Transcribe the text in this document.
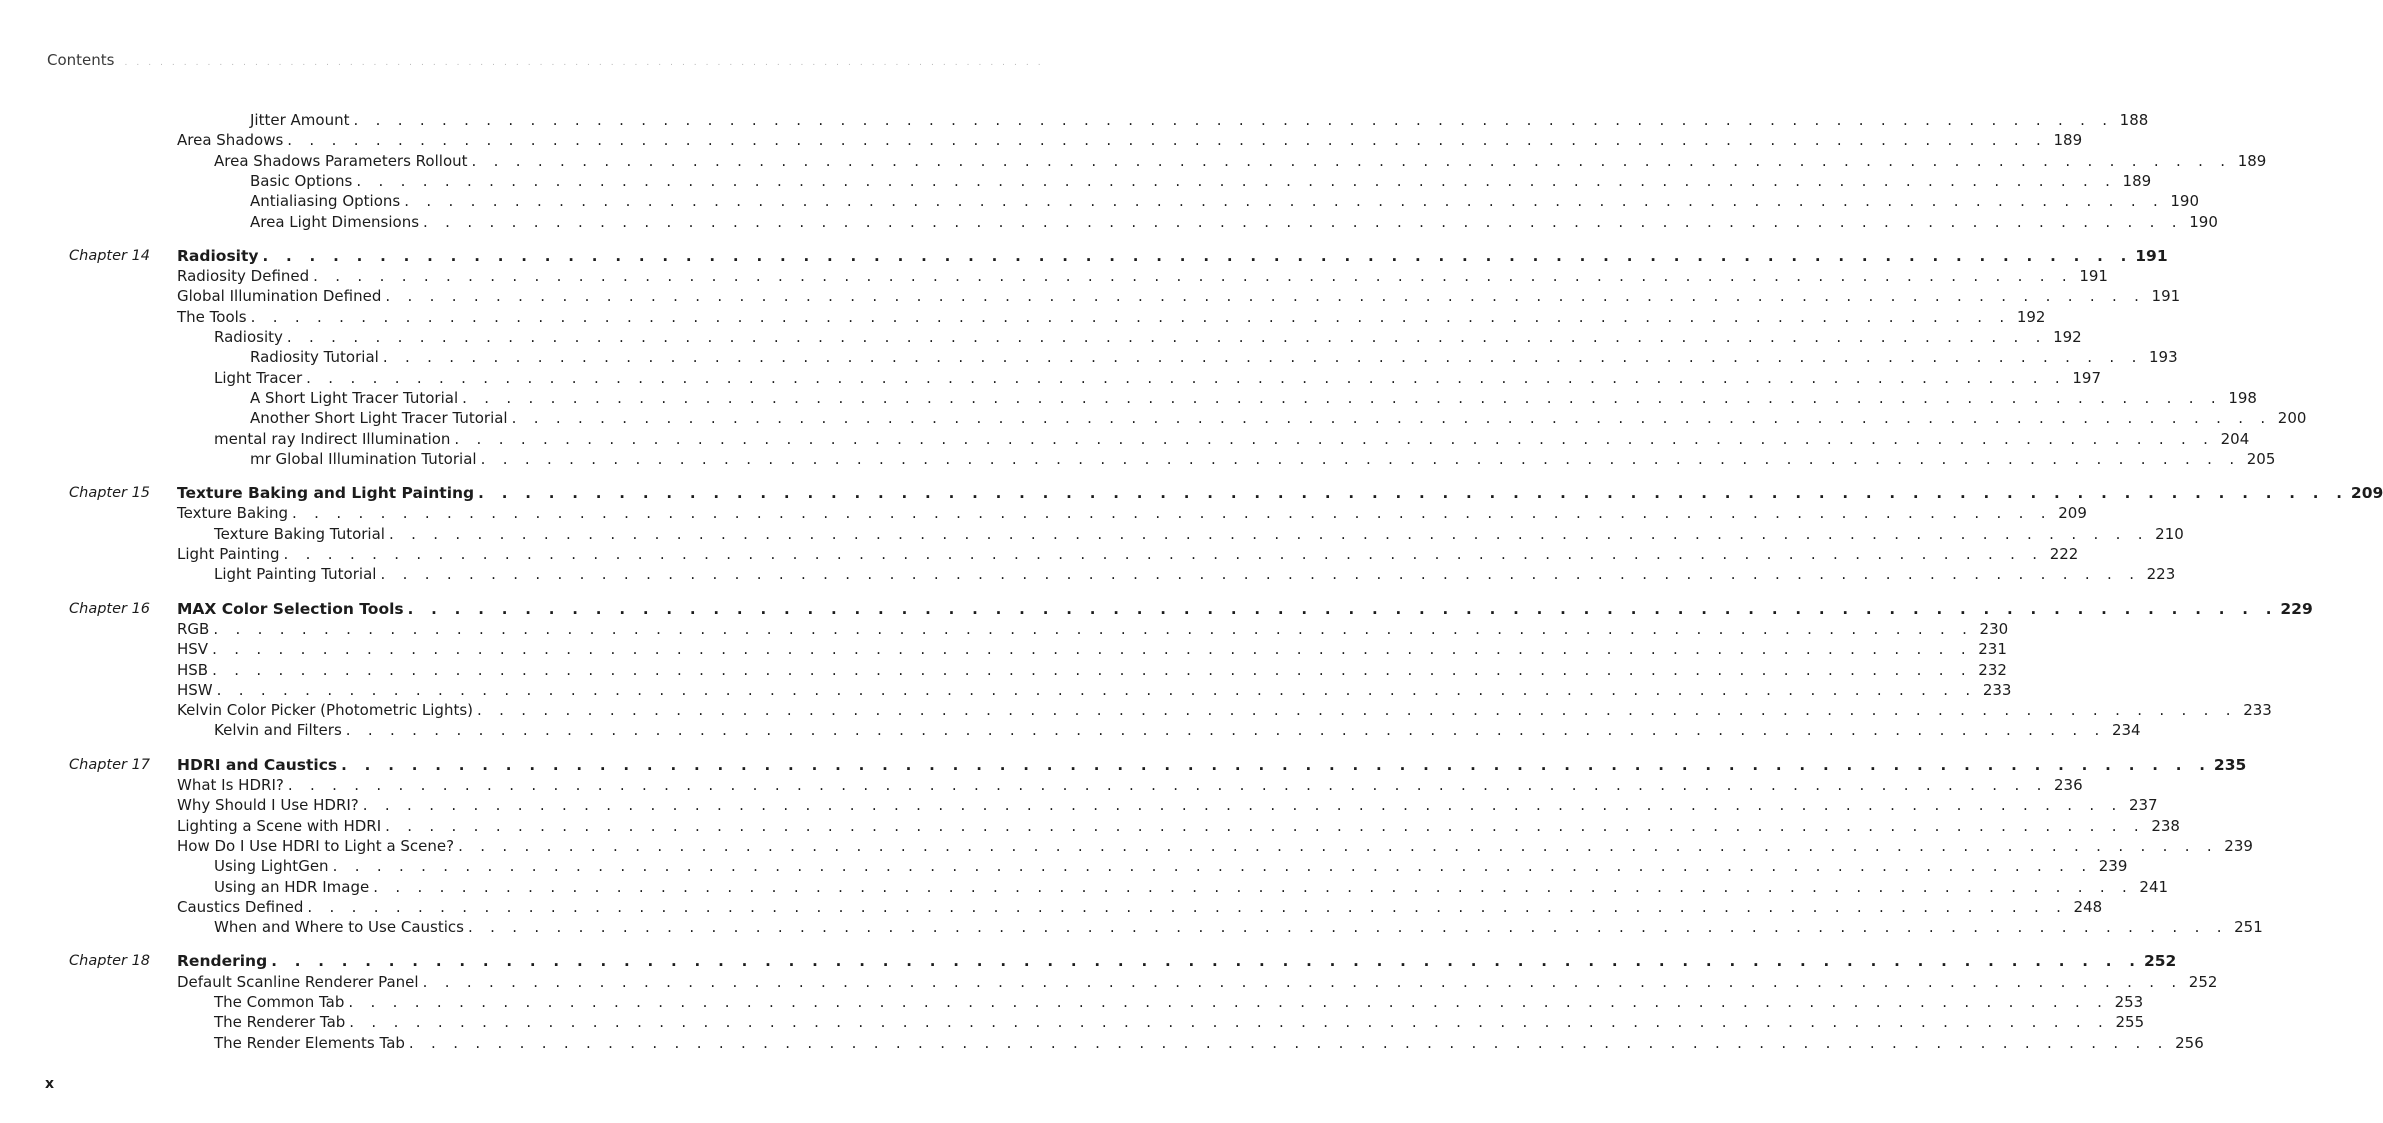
Contents	..............................................................................
Jitter Amount . . . . . . . . . . . . . . . . . . . . . . . . . . . . . . . . . . . . . . . . . . . . . . . . . . . . . . . . . . . . . . . . . . . . . . . . . . . . . . . . 188
Area Shadows . . . . . . . . . . . . . . . . . . . . . . . . . . . . . . . . . . . . . . . . . . . . . . . . . . . . . . . . . . . . . . . . . . . . . . . . . . . . . . . . 189
Area Shadows Parameters Rollout . . . . . . . . . . . . . . . . . . . . . . . . . . . . . . . . . . . . . . . . . . . . . . . . . . . . . . . . . . . . . . . . . . . . . . . . . . . . . . . . 189
Basic Options . . . . . . . . . . . . . . . . . . . . . . . . . . . . . . . . . . . . . . . . . . . . . . . . . . . . . . . . . . . . . . . . . . . . . . . . . . . . . . . . 189
Antialiasing Options . . . . . . . . . . . . . . . . . . . . . . . . . . . . . . . . . . . . . . . . . . . . . . . . . . . . . . . . . . . . . . . . . . . . . . . . . . . . . . . . 190
Area Light Dimensions . . . . . . . . . . . . . . . . . . . . . . . . . . . . . . . . . . . . . . . . . . . . . . . . . . . . . . . . . . . . . . . . . . . . . . . . . . . . . . . . 190
Chapter 14 Radiosity . . . . . . . . . . . . . . . . . . . . . . . . . . . . . . . . . . . . . . . . . . . . . . . . . . . . . . . . . . . . . . . . . . . . . . . . . . . . . . . . 191
Radiosity Defined . . . . . . . . . . . . . . . . . . . . . . . . . . . . . . . . . . . . . . . . . . . . . . . . . . . . . . . . . . . . . . . . . . . . . . . . . . . . . . . . 191
Global Illumination Defined . . . . . . . . . . . . . . . . . . . . . . . . . . . . . . . . . . . . . . . . . . . . . . . . . . . . . . . . . . . . . . . . . . . . . . . . . . . . . . . . 191
The Tools . . . . . . . . . . . . . . . . . . . . . . . . . . . . . . . . . . . . . . . . . . . . . . . . . . . . . . . . . . . . . . . . . . . . . . . . . . . . . . . . 192
Radiosity . . . . . . . . . . . . . . . . . . . . . . . . . . . . . . . . . . . . . . . . . . . . . . . . . . . . . . . . . . . . . . . . . . . . . . . . . . . . . . . . 192
Radiosity Tutorial . . . . . . . . . . . . . . . . . . . . . . . . . . . . . . . . . . . . . . . . . . . . . . . . . . . . . . . . . . . . . . . . . . . . . . . . . . . . . . . . 193
Light Tracer . . . . . . . . . . . . . . . . . . . . . . . . . . . . . . . . . . . . . . . . . . . . . . . . . . . . . . . . . . . . . . . . . . . . . . . . . . . . . . . . 197
A Short Light Tracer Tutorial . . . . . . . . . . . . . . . . . . . . . . . . . . . . . . . . . . . . . . . . . . . . . . . . . . . . . . . . . . . . . . . . . . . . . . . . . . . . . . . . 198
Another Short Light Tracer Tutorial . . . . . . . . . . . . . . . . . . . . . . . . . . . . . . . . . . . . . . . . . . . . . . . . . . . . . . . . . . . . . . . . . . . . . . . . . . . . . . . . 200
mental ray Indirect Illumination . . . . . . . . . . . . . . . . . . . . . . . . . . . . . . . . . . . . . . . . . . . . . . . . . . . . . . . . . . . . . . . . . . . . . . . . . . . . . . . . 204
mr Global Illumination Tutorial . . . . . . . . . . . . . . . . . . . . . . . . . . . . . . . . . . . . . . . . . . . . . . . . . . . . . . . . . . . . . . . . . . . . . . . . . . . . . . . . 205
Chapter 15 Texture Baking and Light Painting . . . . . . . . . . . . . . . . . . . . . . . . . . . . . . . . . . . . . . . . . . . . . . . . . . . . . . . . . . . . . . . . . . . . . . . . . . . . . . . . 209
Texture Baking . . . . . . . . . . . . . . . . . . . . . . . . . . . . . . . . . . . . . . . . . . . . . . . . . . . . . . . . . . . . . . . . . . . . . . . . . . . . . . . . 209
Texture Baking Tutorial . . . . . . . . . . . . . . . . . . . . . . . . . . . . . . . . . . . . . . . . . . . . . . . . . . . . . . . . . . . . . . . . . . . . . . . . . . . . . . . . 210
Light Painting . . . . . . . . . . . . . . . . . . . . . . . . . . . . . . . . . . . . . . . . . . . . . . . . . . . . . . . . . . . . . . . . . . . . . . . . . . . . . . . . 222
Light Painting Tutorial . . . . . . . . . . . . . . . . . . . . . . . . . . . . . . . . . . . . . . . . . . . . . . . . . . . . . . . . . . . . . . . . . . . . . . . . . . . . . . . . 223
Chapter 16 MAX Color Selection Tools . . . . . . . . . . . . . . . . . . . . . . . . . . . . . . . . . . . . . . . . . . . . . . . . . . . . . . . . . . . . . . . . . . . . . . . . . . . . . . . . 229
RGB . . . . . . . . . . . . . . . . . . . . . . . . . . . . . . . . . . . . . . . . . . . . . . . . . . . . . . . . . . . . . . . . . . . . . . . . . . . . . . . . 230
HSV . . . . . . . . . . . . . . . . . . . . . . . . . . . . . . . . . . . . . . . . . . . . . . . . . . . . . . . . . . . . . . . . . . . . . . . . . . . . . . . . 231
HSB . . . . . . . . . . . . . . . . . . . . . . . . . . . . . . . . . . . . . . . . . . . . . . . . . . . . . . . . . . . . . . . . . . . . . . . . . . . . . . . . 232
HSW . . . . . . . . . . . . . . . . . . . . . . . . . . . . . . . . . . . . . . . . . . . . . . . . . . . . . . . . . . . . . . . . . . . . . . . . . . . . . . . . 233
Kelvin Color Picker (Photometric Lights) . . . . . . . . . . . . . . . . . . . . . . . . . . . . . . . . . . . . . . . . . . . . . . . . . . . . . . . . . . . . . . . . . . . . . . . . . . . . . . . . 233
Kelvin and Filters . . . . . . . . . . . . . . . . . . . . . . . . . . . . . . . . . . . . . . . . . . . . . . . . . . . . . . . . . . . . . . . . . . . . . . . . . . . . . . . . 234
Chapter 17 HDRI and Caustics . . . . . . . . . . . . . . . . . . . . . . . . . . . . . . . . . . . . . . . . . . . . . . . . . . . . . . . . . . . . . . . . . . . . . . . . . . . . . . . . 235
What Is HDRI? . . . . . . . . . . . . . . . . . . . . . . . . . . . . . . . . . . . . . . . . . . . . . . . . . . . . . . . . . . . . . . . . . . . . . . . . . . . . . . . . 236
Why Should I Use HDRI? . . . . . . . . . . . . . . . . . . . . . . . . . . . . . . . . . . . . . . . . . . . . . . . . . . . . . . . . . . . . . . . . . . . . . . . . . . . . . . . . 237
Lighting a Scene with HDRI . . . . . . . . . . . . . . . . . . . . . . . . . . . . . . . . . . . . . . . . . . . . . . . . . . . . . . . . . . . . . . . . . . . . . . . . . . . . . . . . 238
How Do I Use HDRI to Light a Scene? . . . . . . . . . . . . . . . . . . . . . . . . . . . . . . . . . . . . . . . . . . . . . . . . . . . . . . . . . . . . . . . . . . . . . . . . . . . . . . . . 239
Using LightGen . . . . . . . . . . . . . . . . . . . . . . . . . . . . . . . . . . . . . . . . . . . . . . . . . . . . . . . . . . . . . . . . . . . . . . . . . . . . . . . . 239
Using an HDR Image . . . . . . . . . . . . . . . . . . . . . . . . . . . . . . . . . . . . . . . . . . . . . . . . . . . . . . . . . . . . . . . . . . . . . . . . . . . . . . . . 241
Caustics Defined . . . . . . . . . . . . . . . . . . . . . . . . . . . . . . . . . . . . . . . . . . . . . . . . . . . . . . . . . . . . . . . . . . . . . . . . . . . . . . . . 248
When and Where to Use Caustics . . . . . . . . . . . . . . . . . . . . . . . . . . . . . . . . . . . . . . . . . . . . . . . . . . . . . . . . . . . . . . . . . . . . . . . . . . . . . . . . 251
Chapter 18 Rendering . . . . . . . . . . . . . . . . . . . . . . . . . . . . . . . . . . . . . . . . . . . . . . . . . . . . . . . . . . . . . . . . . . . . . . . . . . . . . . . . 252
Default Scanline Renderer Panel . . . . . . . . . . . . . . . . . . . . . . . . . . . . . . . . . . . . . . . . . . . . . . . . . . . . . . . . . . . . . . . . . . . . . . . . . . . . . . . . 252
The Common Tab . . . . . . . . . . . . . . . . . . . . . . . . . . . . . . . . . . . . . . . . . . . . . . . . . . . . . . . . . . . . . . . . . . . . . . . . . . . . . . . . 253
The Renderer Tab . . . . . . . . . . . . . . . . . . . . . . . . . . . . . . . . . . . . . . . . . . . . . . . . . . . . . . . . . . . . . . . . . . . . . . . . . . . . . . . . 255
The Render Elements Tab . . . . . . . . . . . . . . . . . . . . . . . . . . . . . . . . . . . . . . . . . . . . . . . . . . . . . . . . . . . . . . . . . . . . . . . . . . . . . . . . 256
x
